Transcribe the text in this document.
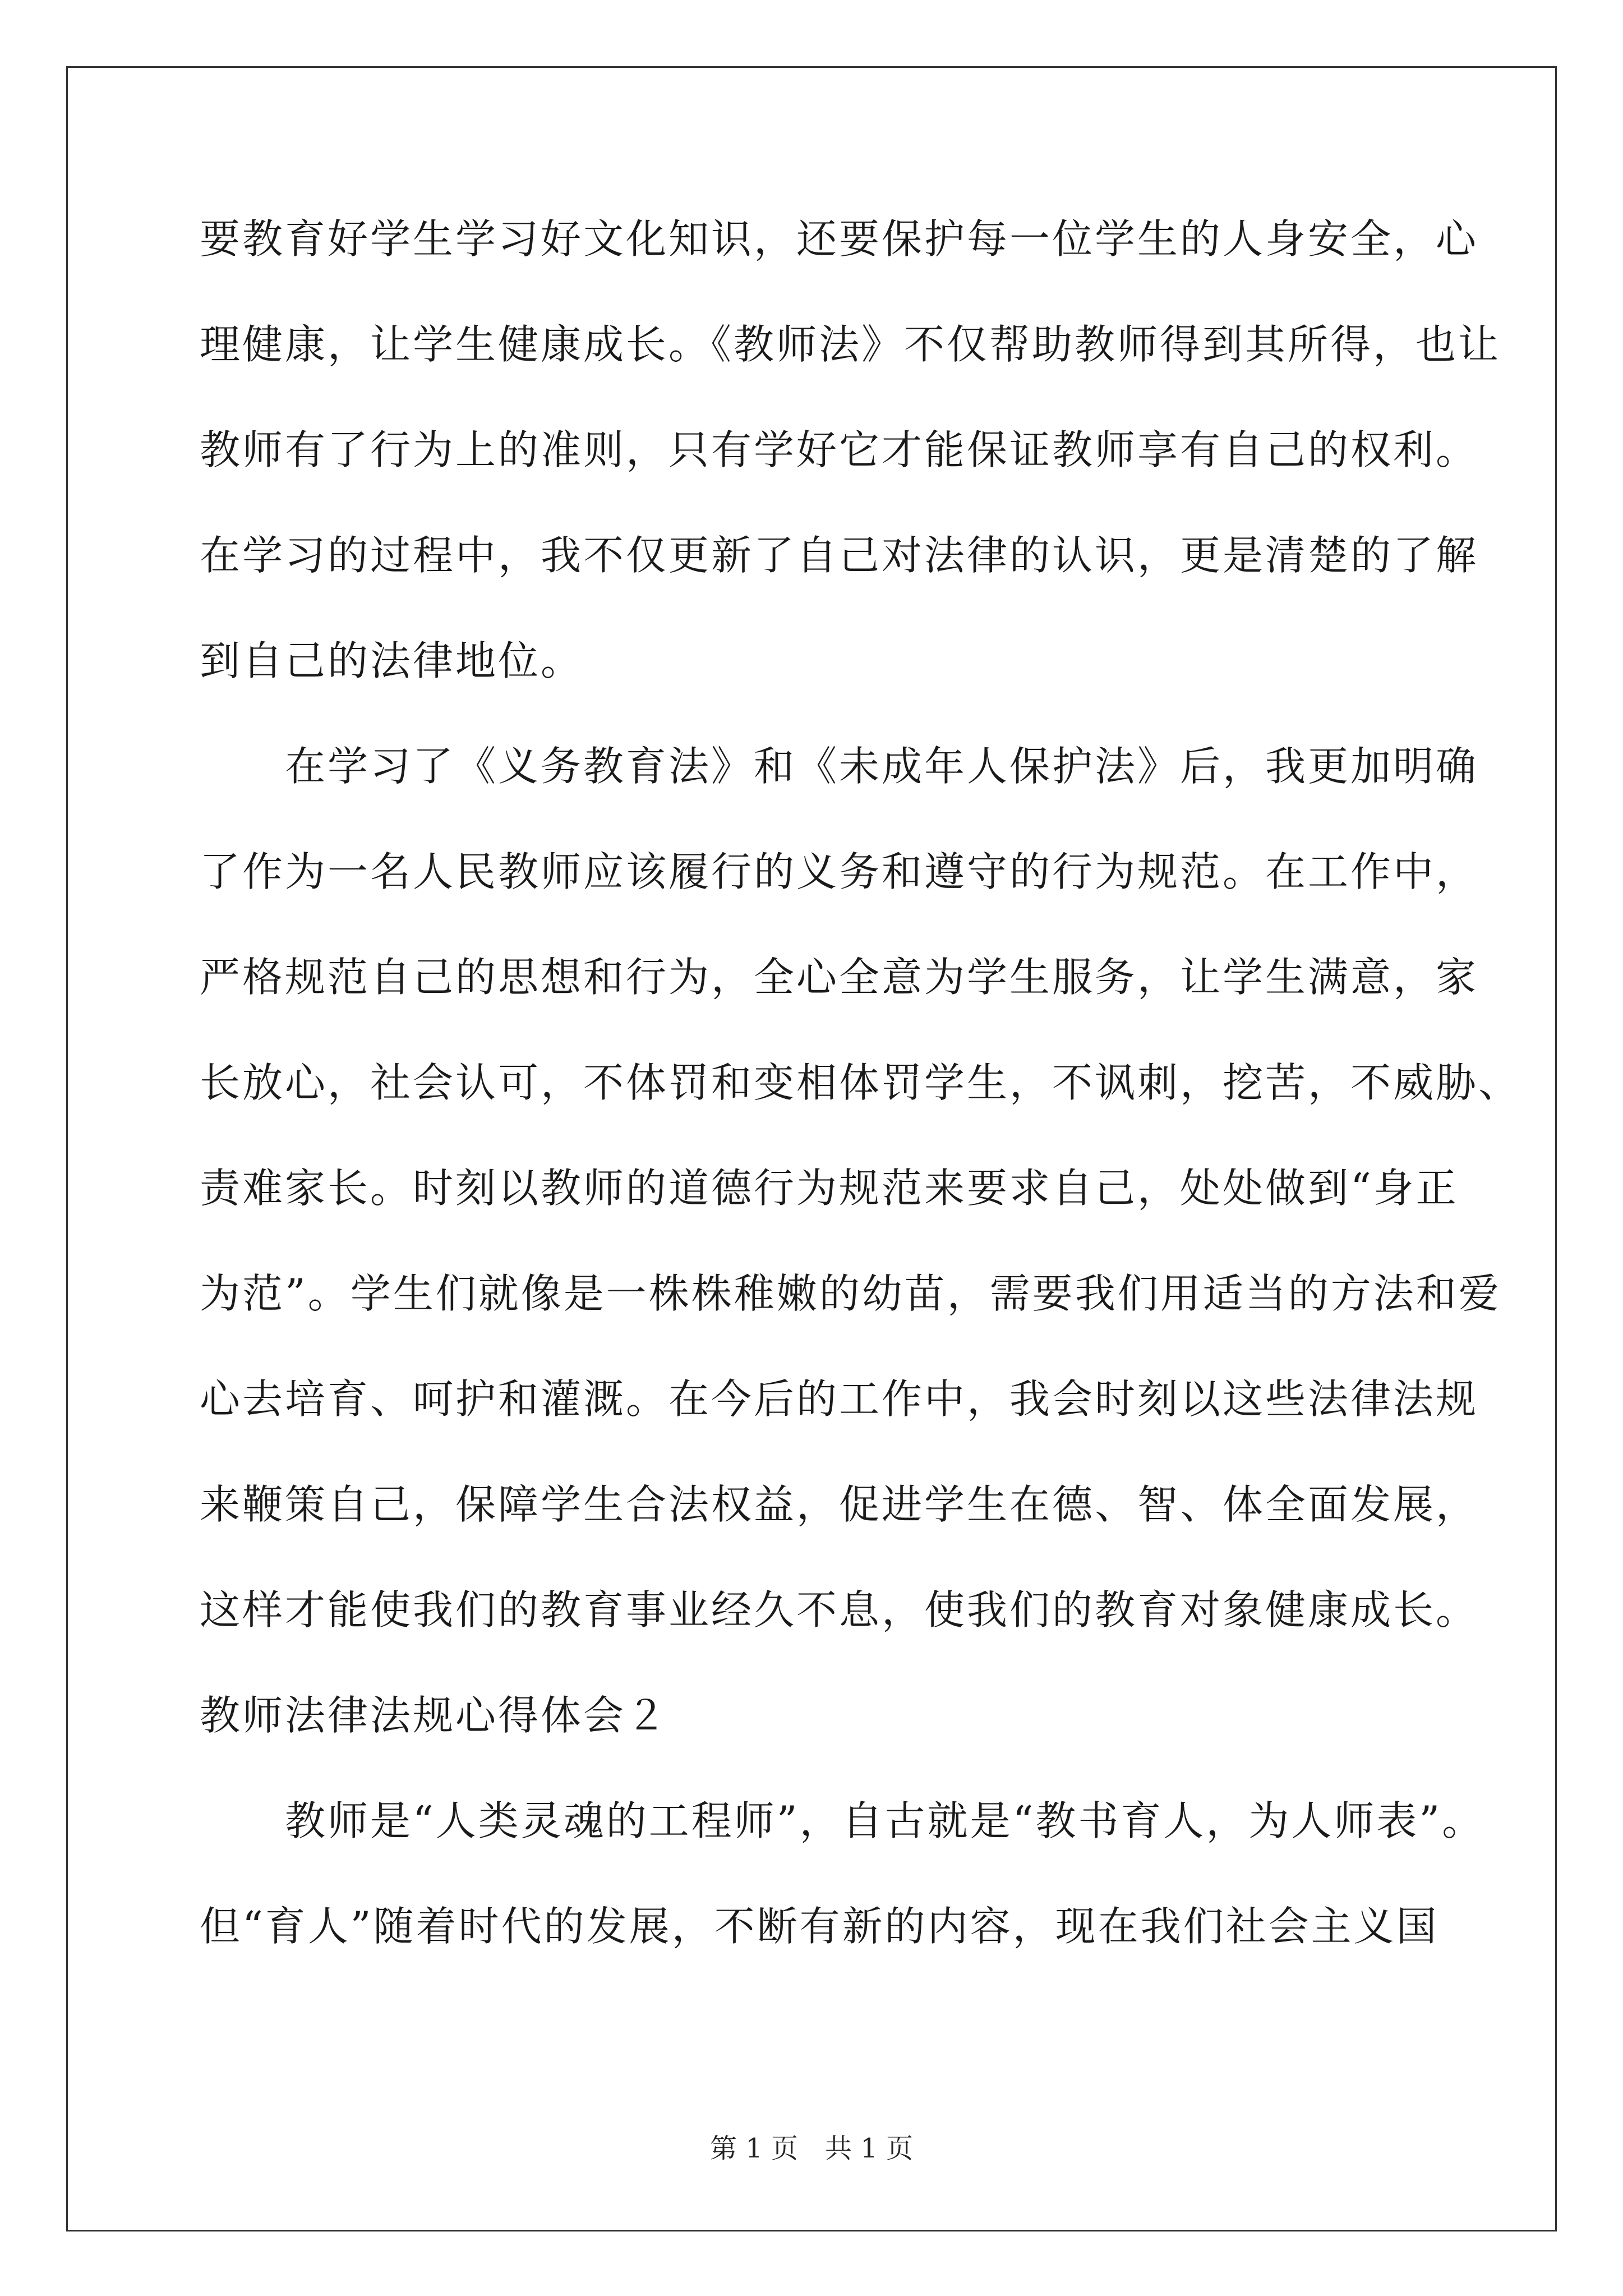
要教育好学生学习好文化知识，还要保护每一位学生的人身安全，心
理健康，让学生健康成长。《教师法》不仅帮助教师得到其所得，也让
教师有了行为上的准则，只有学好它才能保证教师享有自己的权利。
在学习的过程中，我不仅更新了自己对法律的认识，更是清楚的了解
到自己的法律地位。
　　在学习了《义务教育法》和《未成年人保护法》后，我更加明确
了作为一名人民教师应该履行的义务和遵守的行为规范。在工作中，
严格规范自己的思想和行为，全心全意为学生服务，让学生满意，家
长放心，社会认可，不体罚和变相体罚学生，不讽刺，挖苦，不威胁、
责难家长。时刻以教师的道德行为规范来要求自己，处处做到“身正
为范”。学生们就像是一株株稚嫩的幼苗，需要我们用适当的方法和爱
心去培育、呵护和灌溉。在今后的工作中，我会时刻以这些法律法规
来鞭策自己，保障学生合法权益，促进学生在德、智、体全面发展，
这样才能使我们的教育事业经久不息，使我们的教育对象健康成长。
教师法律法规心得体会２
　　教师是“人类灵魂的工程师”，自古就是“教书育人，为人师表”。
但“育人”随着时代的发展，不断有新的内容，现在我们社会主义国
第 1 页　共 1 页
